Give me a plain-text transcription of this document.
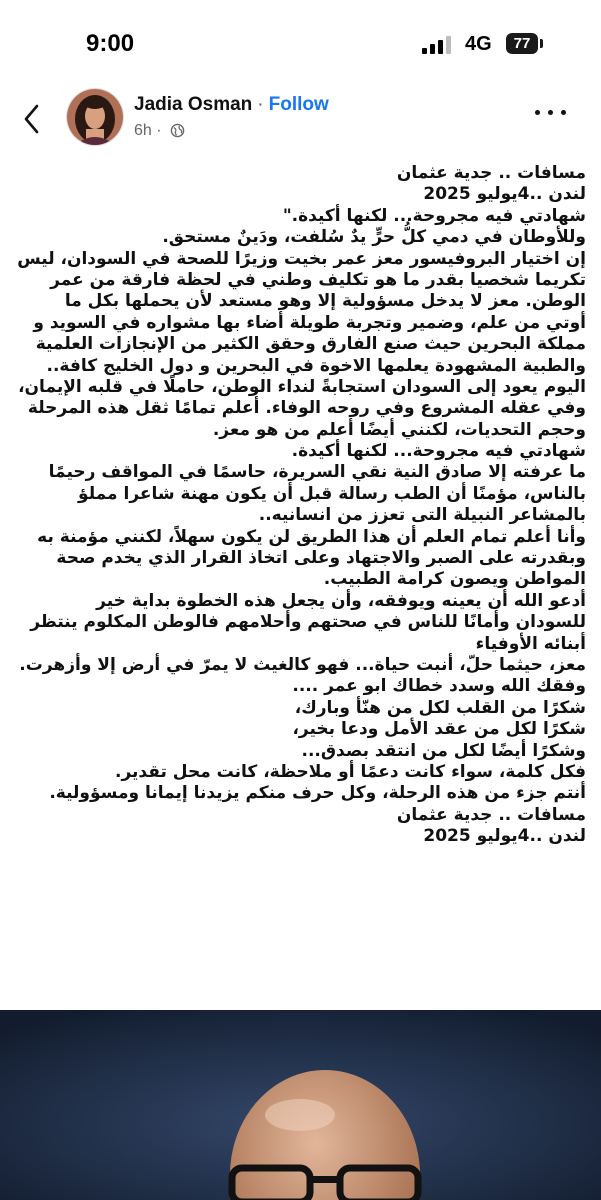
9:00	4G	77
Jadia Osman · Follow
6h ·

مسافات .. جدية عثمان

لندن ..4يوليو 2025

شهادتي فيه مجروحة... لكنها أكيدة."

وللأوطان في دمي كلُّ حرٍّ يدٌ سُلفت، ودَينٌ مستحق.

إن اختيار البروفيسور معز عمر بخيت وزيرًا للصحة في السودان، ليس

تكريما شخصيا بقدر ما هو تكليف وطني في لحظة فارقة من عمر

الوطن. معز لا يدخل مسؤولية إلا وهو مستعد لأن يحملها بكل ما

أوتي من علم، وضمير وتجربة طويلة أضاء بها مشواره في السويد و

مملكة البحرين حيث صنع الفارق وحقق الكثير من الإنجازات العلمية

والطبية المشهودة يعلمها الاخوة في البحرين و دول الخليج كافة..

اليوم يعود إلى السودان استجابةً لنداء الوطن، حاملًا في قلبه الإيمان،

وفي عقله المشروع وفي روحه الوفاء. أعلم تمامًا ثقل هذه المرحلة

وحجم التحديات، لكنني أيضًا أعلم من هو معز.

شهادتي فيه مجروحة... لكنها أكيدة.

ما عرفته إلا صادق النية نقي السريرة، حاسمًا في المواقف رحيمًا

بالناس، مؤمنًا أن الطب رسالة قبل أن يكون مهنة شاعرا مملؤ

بالمشاعر النبيلة التى تعزز من انسانيه..

وأنا أعلم تمام العلم أن هذا الطريق لن يكون سهلاً، لكنني مؤمنة به

وبقدرته على الصبر والاجتهاد وعلى اتخاذ القرار الذي يخدم صحة

المواطن ويصون كرامة الطبيب.

أدعو الله أن يعينه ويوفقه، وأن يجعل هذه الخطوة بداية خير

للسودان وأمانًا للناس في صحتهم وأحلامهم فالوطن المكلوم ينتظر

أبنائه الأوفياء

معز، حيثما حلّ، أنبت حياة... فهو كالغيث لا يمرّ في أرض إلا وأزهرت.

وفقك الله وسدد خطاك ابو عمر ....

شكرًا من القلب لكل من هنّأ وبارك،

شكرًا لكل من عقد الأمل ودعا بخير،

وشكرًا أيضًا لكل من انتقد بصدق...

فكل كلمة، سواء كانت دعمًا أو ملاحظة، كانت محل تقدير.

أنتم جزء من هذه الرحلة، وكل حرف منكم يزيدنا إيمانا ومسؤولية.

مسافات .. جدية عثمان

لندن ..4يوليو 2025
